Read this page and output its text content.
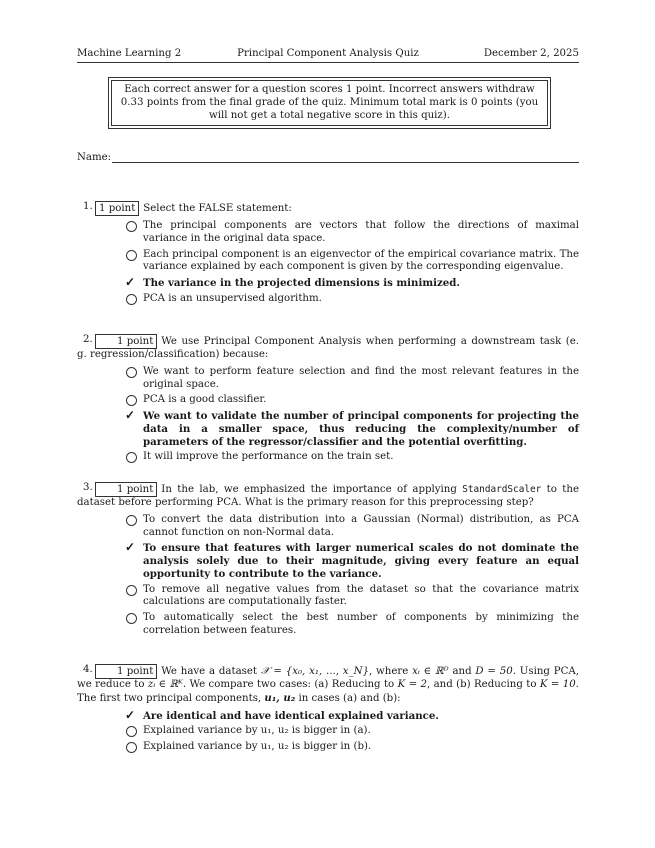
Machine Learning 2	Principal Component Analysis Quiz	December 2, 2025
Each correct answer for a question scores 1 point. Incorrect answers withdraw 0.33 points from the final grade of the quiz. Minimum total mark is 0 points (you will not get a total negative score in this quiz).
Name:
1. 1 point Select the FALSE statement:
The principal components are vectors that follow the directions of maximal variance in the original data space.
Each principal component is an eigenvector of the empirical covariance matrix. The variance explained by each component is given by the corresponding eigenvalue.
✓ The variance in the projected dimensions is minimized.
PCA is an unsupervised algorithm.
2. 1 point We use Principal Component Analysis when performing a downstream task (e. g. regression/classification) because:
We want to perform feature selection and find the most relevant features in the original space.
PCA is a good classifier.
✓ We want to validate the number of principal components for projecting the data in a smaller space, thus reducing the complexity/number of parameters of the regressor/classifier and the potential overfitting.
It will improve the performance on the train set.
3. 1 point In the lab, we emphasized the importance of applying StandardScaler to the dataset before performing PCA. What is the primary reason for this preprocessing step?
To convert the data distribution into a Gaussian (Normal) distribution, as PCA cannot function on non-Normal data.
✓ To ensure that features with larger numerical scales do not dominate the analysis solely due to their magnitude, giving every feature an equal opportunity to contribute to the variance.
To remove all negative values from the dataset so that the covariance matrix calculations are computationally faster.
To automatically select the best number of components by minimizing the correlation between features.
4. 1 point We have a dataset 𝒳 = {x₀, x₁, ..., x_N}, where xᵢ ∈ ℝᴰ and D = 50. Using PCA, we reduce to zᵢ ∈ ℝᴷ. We compare two cases: (a) Reducing to K = 2, and (b) Reducing to K = 10. The first two principal components, u₁, u₂ in cases (a) and (b):
✓ Are identical and have identical explained variance.
Explained variance by u₁, u₂ is bigger in (a).
Explained variance by u₁, u₂ is bigger in (b).
